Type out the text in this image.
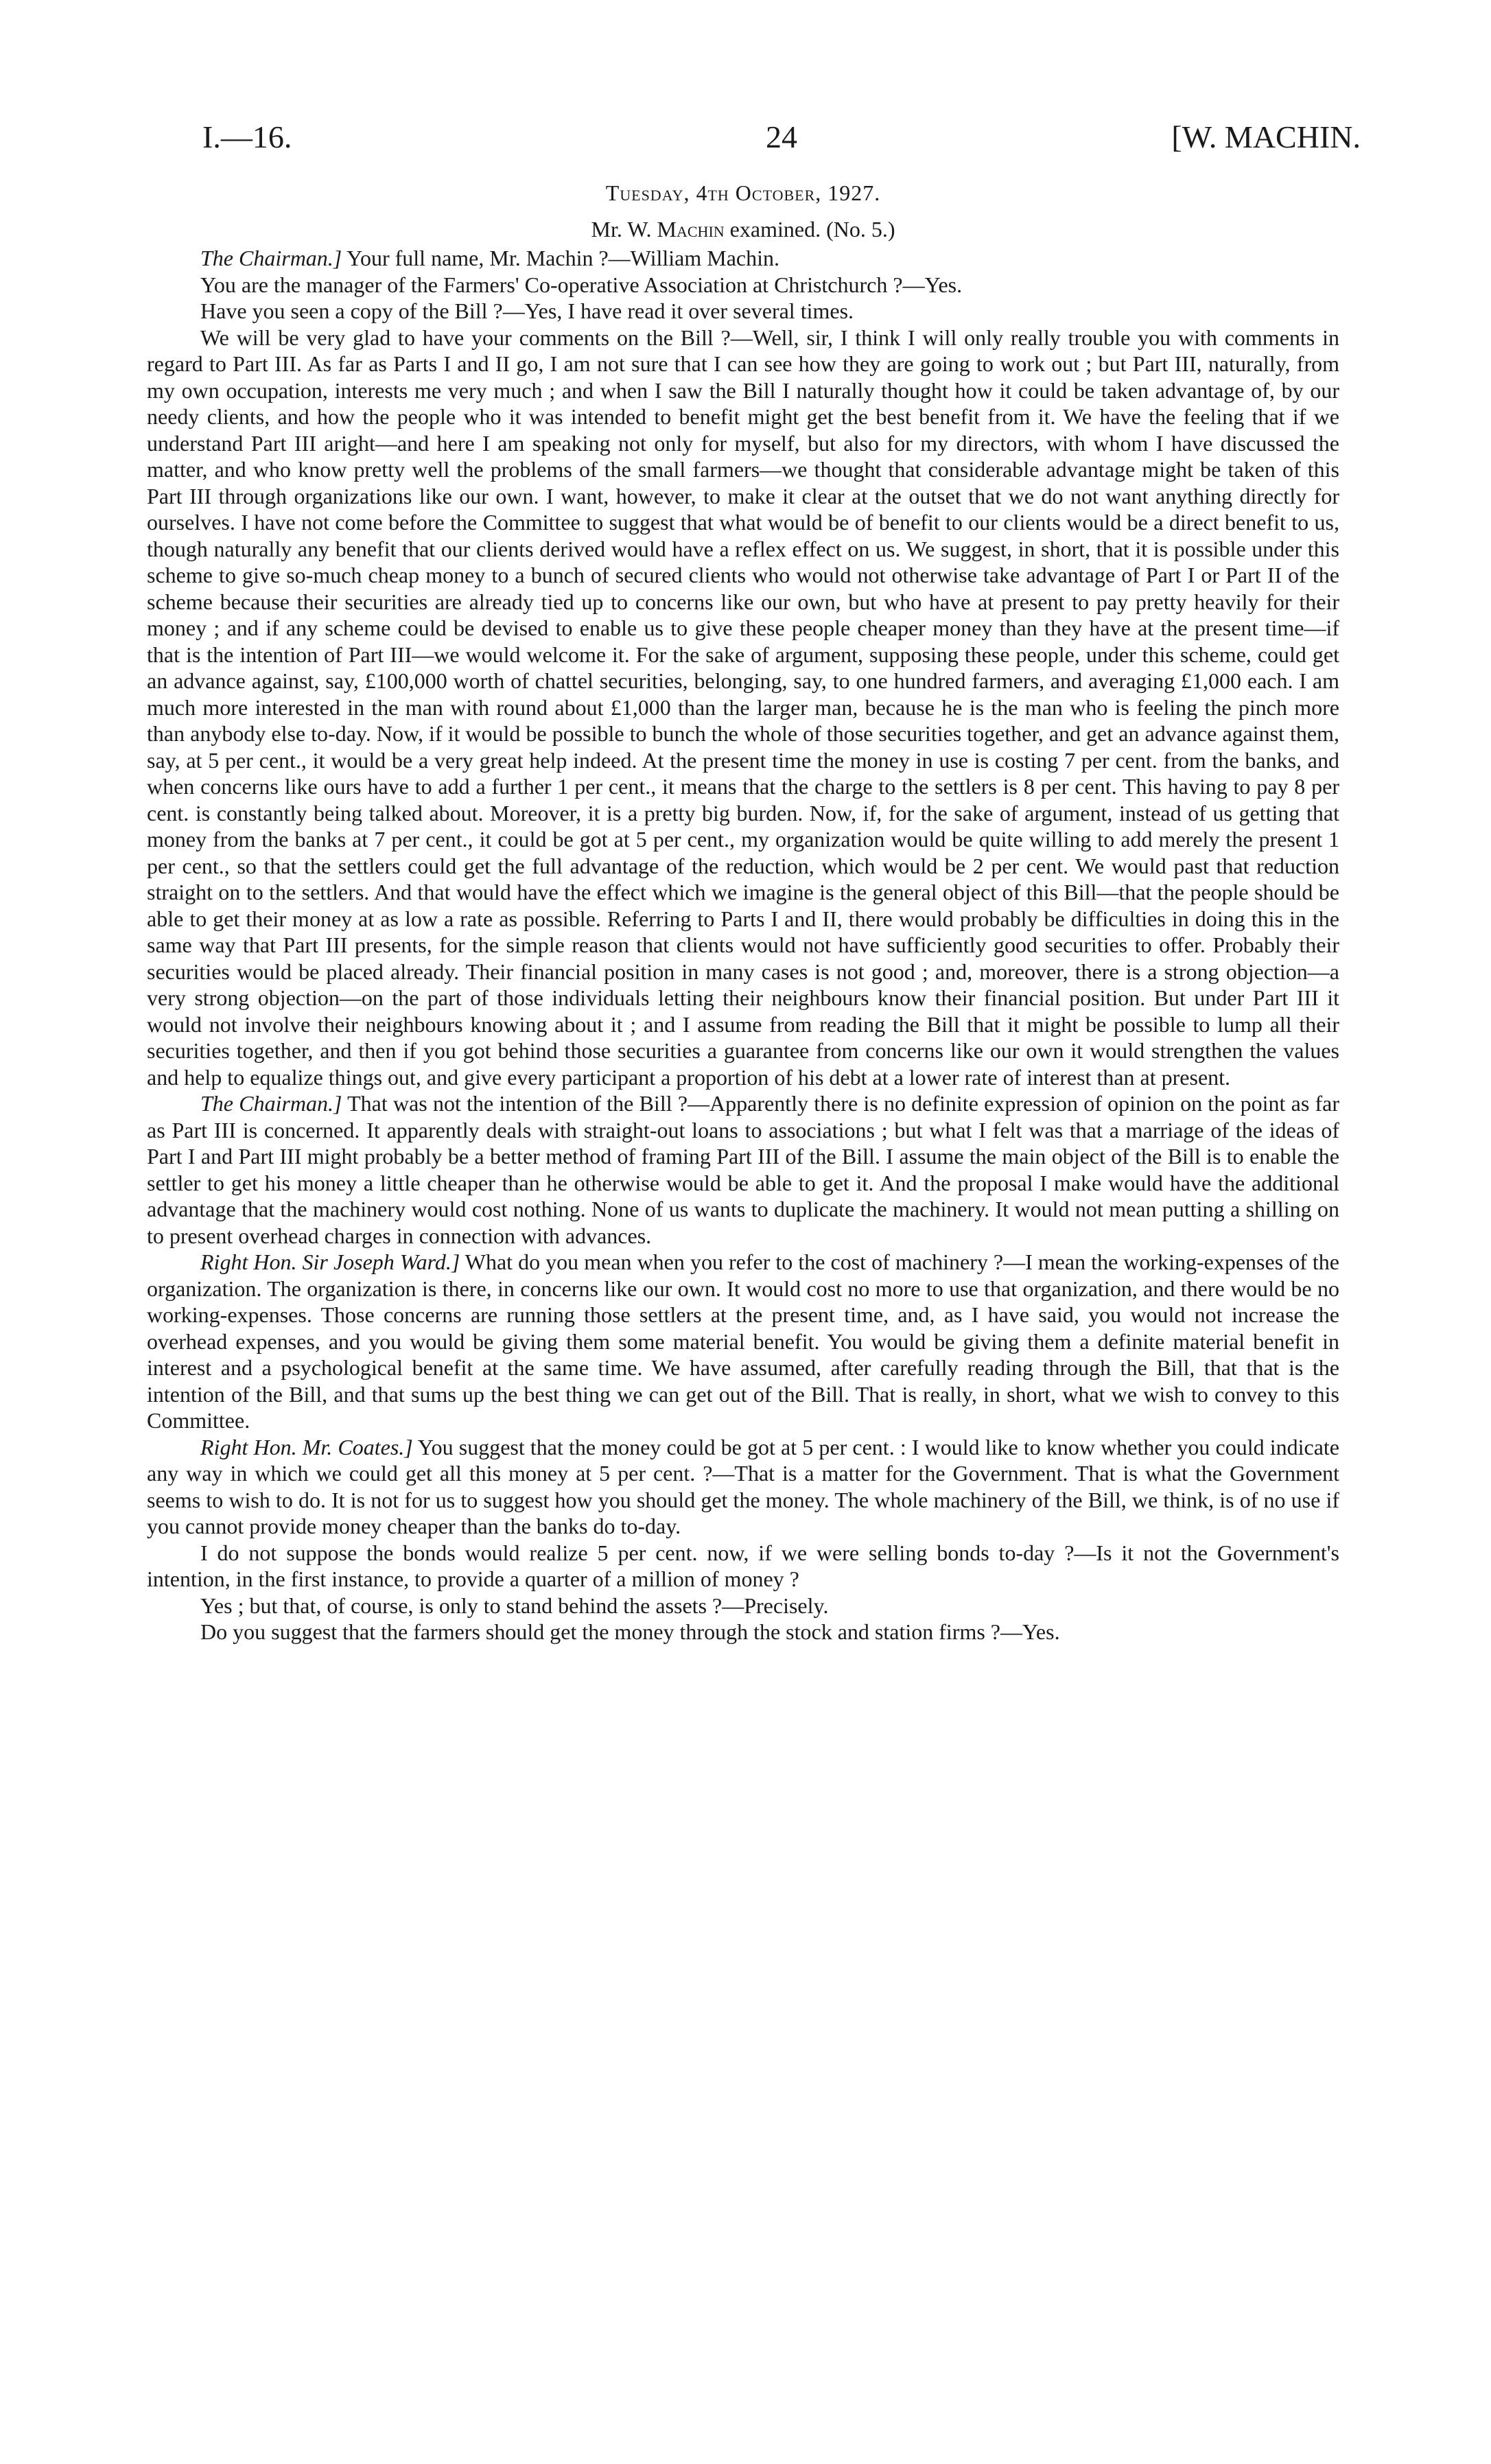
I.—16.	24	[W. MACHIN.
Tuesday, 4th October, 1927.
Mr. W. Machin examined. (No. 5.)

The Chairman.] Your full name, Mr. Machin ?—William Machin.

You are the manager of the Farmers' Co-operative Association at Christchurch ?—Yes.

Have you seen a copy of the Bill ?—Yes, I have read it over several times.

We will be very glad to have your comments on the Bill ?—Well, sir, I think I will only really trouble you with comments in regard to Part III. As far as Parts I and II go, I am not sure that I can see how they are going to work out ; but Part III, naturally, from my own occupation, interests me very much ; and when I saw the Bill I naturally thought how it could be taken advantage of, by our needy clients, and how the people who it was intended to benefit might get the best benefit from it. We have the feeling that if we understand Part III aright—and here I am speaking not only for myself, but also for my directors, with whom I have discussed the matter, and who know pretty well the problems of the small farmers—we thought that considerable advantage might be taken of this Part III through organizations like our own. I want, however, to make it clear at the outset that we do not want anything directly for ourselves. I have not come before the Committee to suggest that what would be of benefit to our clients would be a direct benefit to us, though naturally any benefit that our clients derived would have a reflex effect on us. We suggest, in short, that it is possible under this scheme to give so-much cheap money to a bunch of secured clients who would not otherwise take advantage of Part I or Part II of the scheme because their securities are already tied up to concerns like our own, but who have at present to pay pretty heavily for their money ; and if any scheme could be devised to enable us to give these people cheaper money than they have at the present time—if that is the intention of Part III—we would welcome it. For the sake of argument, supposing these people, under this scheme, could get an advance against, say, £100,000 worth of chattel securities, belonging, say, to one hundred farmers, and averaging £1,000 each. I am much more interested in the man with round about £1,000 than the larger man, because he is the man who is feeling the pinch more than anybody else to-day. Now, if it would be possible to bunch the whole of those securities together, and get an advance against them, say, at 5 per cent., it would be a very great help indeed. At the present time the money in use is costing 7 per cent. from the banks, and when concerns like ours have to add a further 1 per cent., it means that the charge to the settlers is 8 per cent. This having to pay 8 per cent. is constantly being talked about. Moreover, it is a pretty big burden. Now, if, for the sake of argument, instead of us getting that money from the banks at 7 per cent., it could be got at 5 per cent., my organization would be quite willing to add merely the present 1 per cent., so that the settlers could get the full advantage of the reduction, which would be 2 per cent. We would past that reduction straight on to the settlers. And that would have the effect which we imagine is the general object of this Bill—that the people should be able to get their money at as low a rate as possible. Referring to Parts I and II, there would probably be difficulties in doing this in the same way that Part III presents, for the simple reason that clients would not have sufficiently good securities to offer. Probably their securities would be placed already. Their financial position in many cases is not good ; and, moreover, there is a strong objection—a very strong objection—on the part of those individuals letting their neighbours know their financial position. But under Part III it would not involve their neighbours knowing about it ; and I assume from reading the Bill that it might be possible to lump all their securities together, and then if you got behind those securities a guarantee from concerns like our own it would strengthen the values and help to equalize things out, and give every participant a proportion of his debt at a lower rate of interest than at present.

The Chairman.] That was not the intention of the Bill ?—Apparently there is no definite expression of opinion on the point as far as Part III is concerned. It apparently deals with straight-out loans to associations ; but what I felt was that a marriage of the ideas of Part I and Part III might probably be a better method of framing Part III of the Bill. I assume the main object of the Bill is to enable the settler to get his money a little cheaper than he otherwise would be able to get it. And the proposal I make would have the additional advantage that the machinery would cost nothing. None of us wants to duplicate the machinery. It would not mean putting a shilling on to present overhead charges in connection with advances.

Right Hon. Sir Joseph Ward.] What do you mean when you refer to the cost of machinery ?—I mean the working-expenses of the organization. The organization is there, in concerns like our own. It would cost no more to use that organization, and there would be no working-expenses. Those concerns are running those settlers at the present time, and, as I have said, you would not increase the overhead expenses, and you would be giving them some material benefit. You would be giving them a definite material benefit in interest and a psychological benefit at the same time. We have assumed, after carefully reading through the Bill, that that is the intention of the Bill, and that sums up the best thing we can get out of the Bill. That is really, in short, what we wish to convey to this Committee.

Right Hon. Mr. Coates.] You suggest that the money could be got at 5 per cent. : I would like to know whether you could indicate any way in which we could get all this money at 5 per cent. ?—That is a matter for the Government. That is what the Government seems to wish to do. It is not for us to suggest how you should get the money. The whole machinery of the Bill, we think, is of no use if you cannot provide money cheaper than the banks do to-day.

I do not suppose the bonds would realize 5 per cent. now, if we were selling bonds to-day ?—Is it not the Government's intention, in the first instance, to provide a quarter of a million of money ?

Yes ; but that, of course, is only to stand behind the assets ?—Precisely.

Do you suggest that the farmers should get the money through the stock and station firms ?—Yes.
